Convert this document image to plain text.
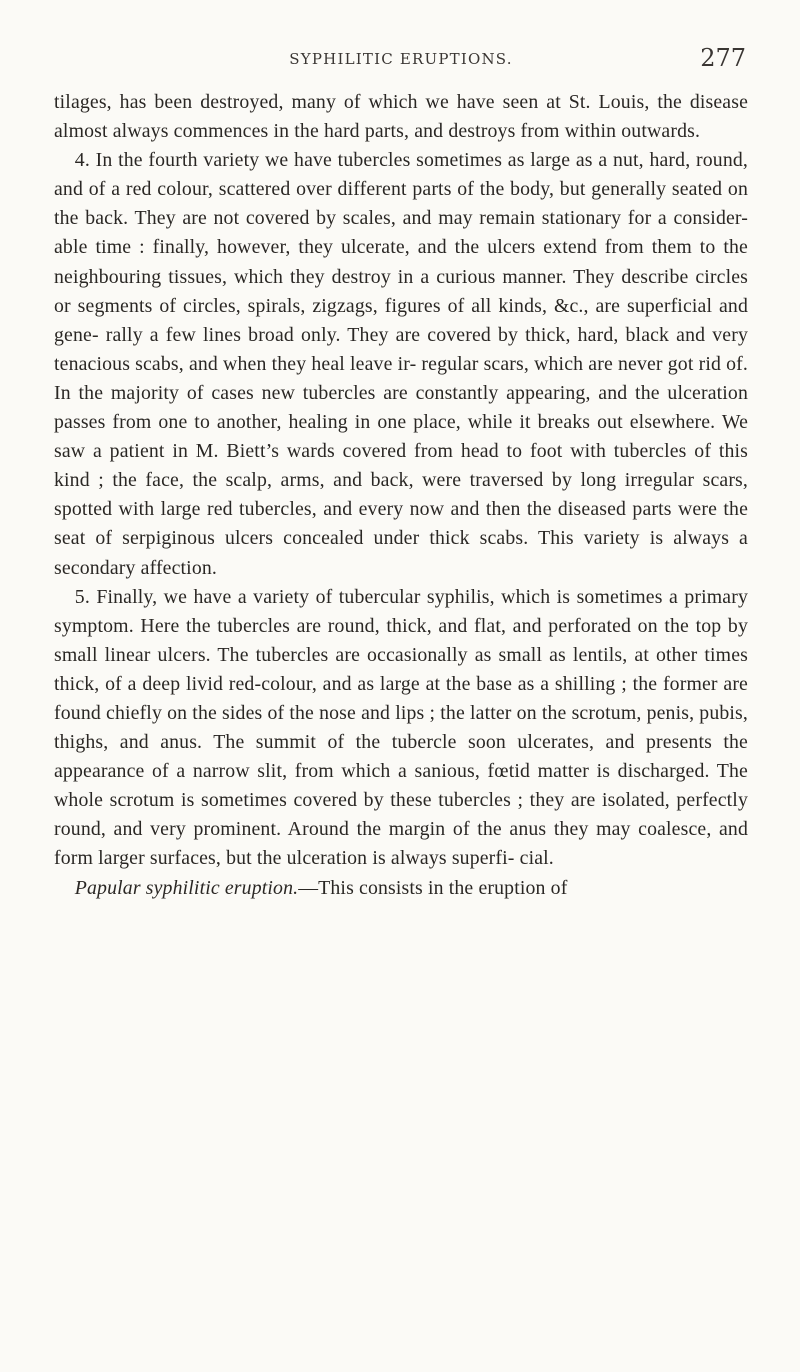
SYPHILITIC ERUPTIONS.	277

tilages, has been destroyed, many of which we have seen at St. Louis, the disease almost always commences in the hard parts, and destroys from within outwards.

4. In the fourth variety we have tubercles sometimes as large as a nut, hard, round, and of a red colour, scattered over different parts of the body, but generally seated on the back. They are not covered by scales, and may remain stationary for a consider- able time : finally, however, they ulcerate, and the ulcers extend from them to the neighbouring tissues, which they destroy in a curious manner. They describe circles or segments of circles, spirals, zigzags, figures of all kinds, &c., are superficial and gene- rally a few lines broad only. They are covered by thick, hard, black and very tenacious scabs, and when they heal leave ir- regular scars, which are never got rid of. In the majority of cases new tubercles are constantly appearing, and the ulceration passes from one to another, healing in one place, while it breaks out elsewhere. We saw a patient in M. Biett’s wards covered from head to foot with tubercles of this kind ; the face, the scalp, arms, and back, were traversed by long irregular scars, spotted with large red tubercles, and every now and then the diseased parts were the seat of serpiginous ulcers concealed under thick scabs. This variety is always a secondary affection.

5. Finally, we have a variety of tubercular syphilis, which is sometimes a primary symptom. Here the tubercles are round, thick, and flat, and perforated on the top by small linear ulcers. The tubercles are occasionally as small as lentils, at other times thick, of a deep livid red-colour, and as large at the base as a shilling ; the former are found chiefly on the sides of the nose and lips ; the latter on the scrotum, penis, pubis, thighs, and anus. The summit of the tubercle soon ulcerates, and presents the appearance of a narrow slit, from which a sanious, fœtid matter is discharged. The whole scrotum is sometimes covered by these tubercles ; they are isolated, perfectly round, and very prominent. Around the margin of the anus they may coalesce, and form larger surfaces, but the ulceration is always superfi- cial.

Papular syphilitic eruption.—This consists in the eruption of
